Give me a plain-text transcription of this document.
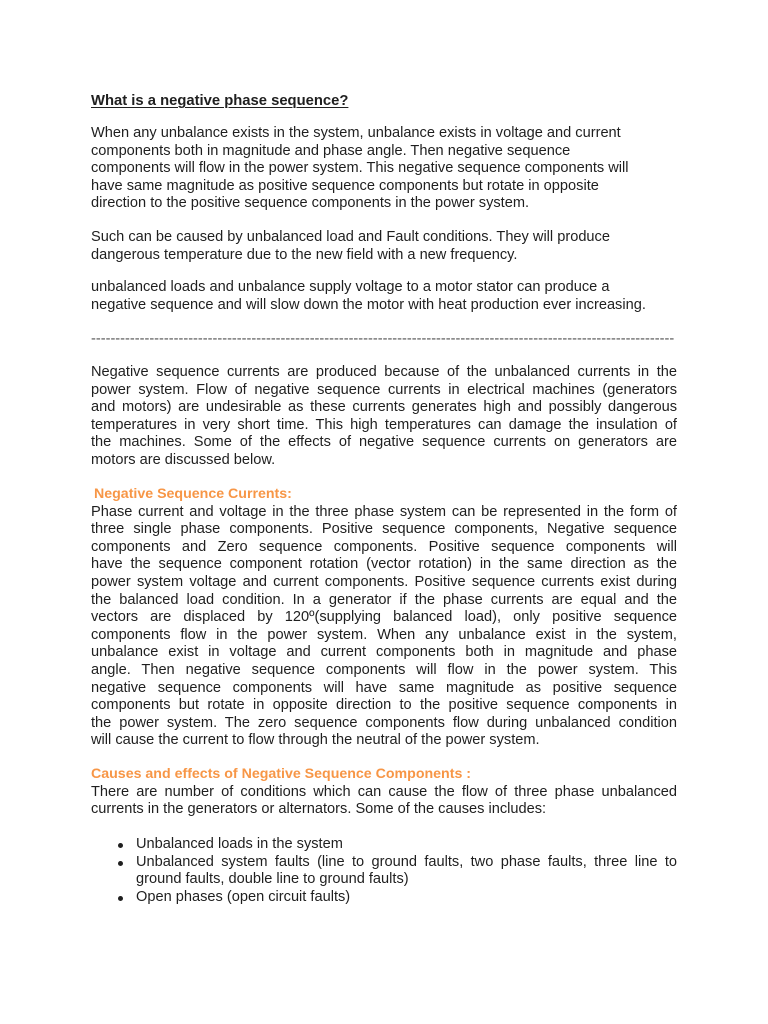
What is a negative phase sequence?
When any unbalance exists in the system, unbalance exists in voltage and current
components both in magnitude and phase angle. Then negative sequence
components will flow in the power system. This negative sequence components will
have same magnitude as positive sequence components but rotate in opposite
direction to the positive sequence components in the power system.
Such can be caused by unbalanced load and Fault conditions. They will produce
dangerous temperature due to the new field with a new frequency.
unbalanced loads and unbalance supply voltage to a motor stator can produce a
negative sequence and will slow down the motor with heat production ever increasing.
------------------------------------------------------------------------------------------------------------------------
Negative sequence currents are produced because of the unbalanced currents in the
power system. Flow of negative sequence currents in electrical machines (generators
and motors) are undesirable as these currents generates high and possibly dangerous
temperatures in very short time. This high temperatures can damage the insulation of
the machines. Some of the effects of negative sequence currents on generators are
motors are discussed below.
Negative Sequence Currents:
Phase current and voltage in the three phase system can be represented in the form of
three single phase components. Positive sequence components, Negative sequence
components and Zero sequence components. Positive sequence components will
have the sequence component rotation (vector rotation) in the same direction as the
power system voltage and current components. Positive sequence currents exist during
the balanced load condition. In a generator if the phase currents are equal and the
vectors are displaced by 120º(supplying balanced load), only positive sequence
components flow in the power system. When any unbalance exist in the system,
unbalance exist in voltage and current components both in magnitude and phase
angle. Then negative sequence components will flow in the power system. This
negative sequence components will have same magnitude as positive sequence
components but rotate in opposite direction to the positive sequence components in
the power system. The zero sequence components flow during unbalanced condition
will cause the current to flow through the neutral of the power system.
Causes and effects of Negative Sequence Components :
There are number of conditions which can cause the flow of three phase unbalanced
currents in the generators or alternators. Some of the causes includes:
Unbalanced loads in the system
Unbalanced system faults (line to ground faults, two phase faults, three line to
ground faults, double line to ground faults)
Open phases (open circuit faults)
